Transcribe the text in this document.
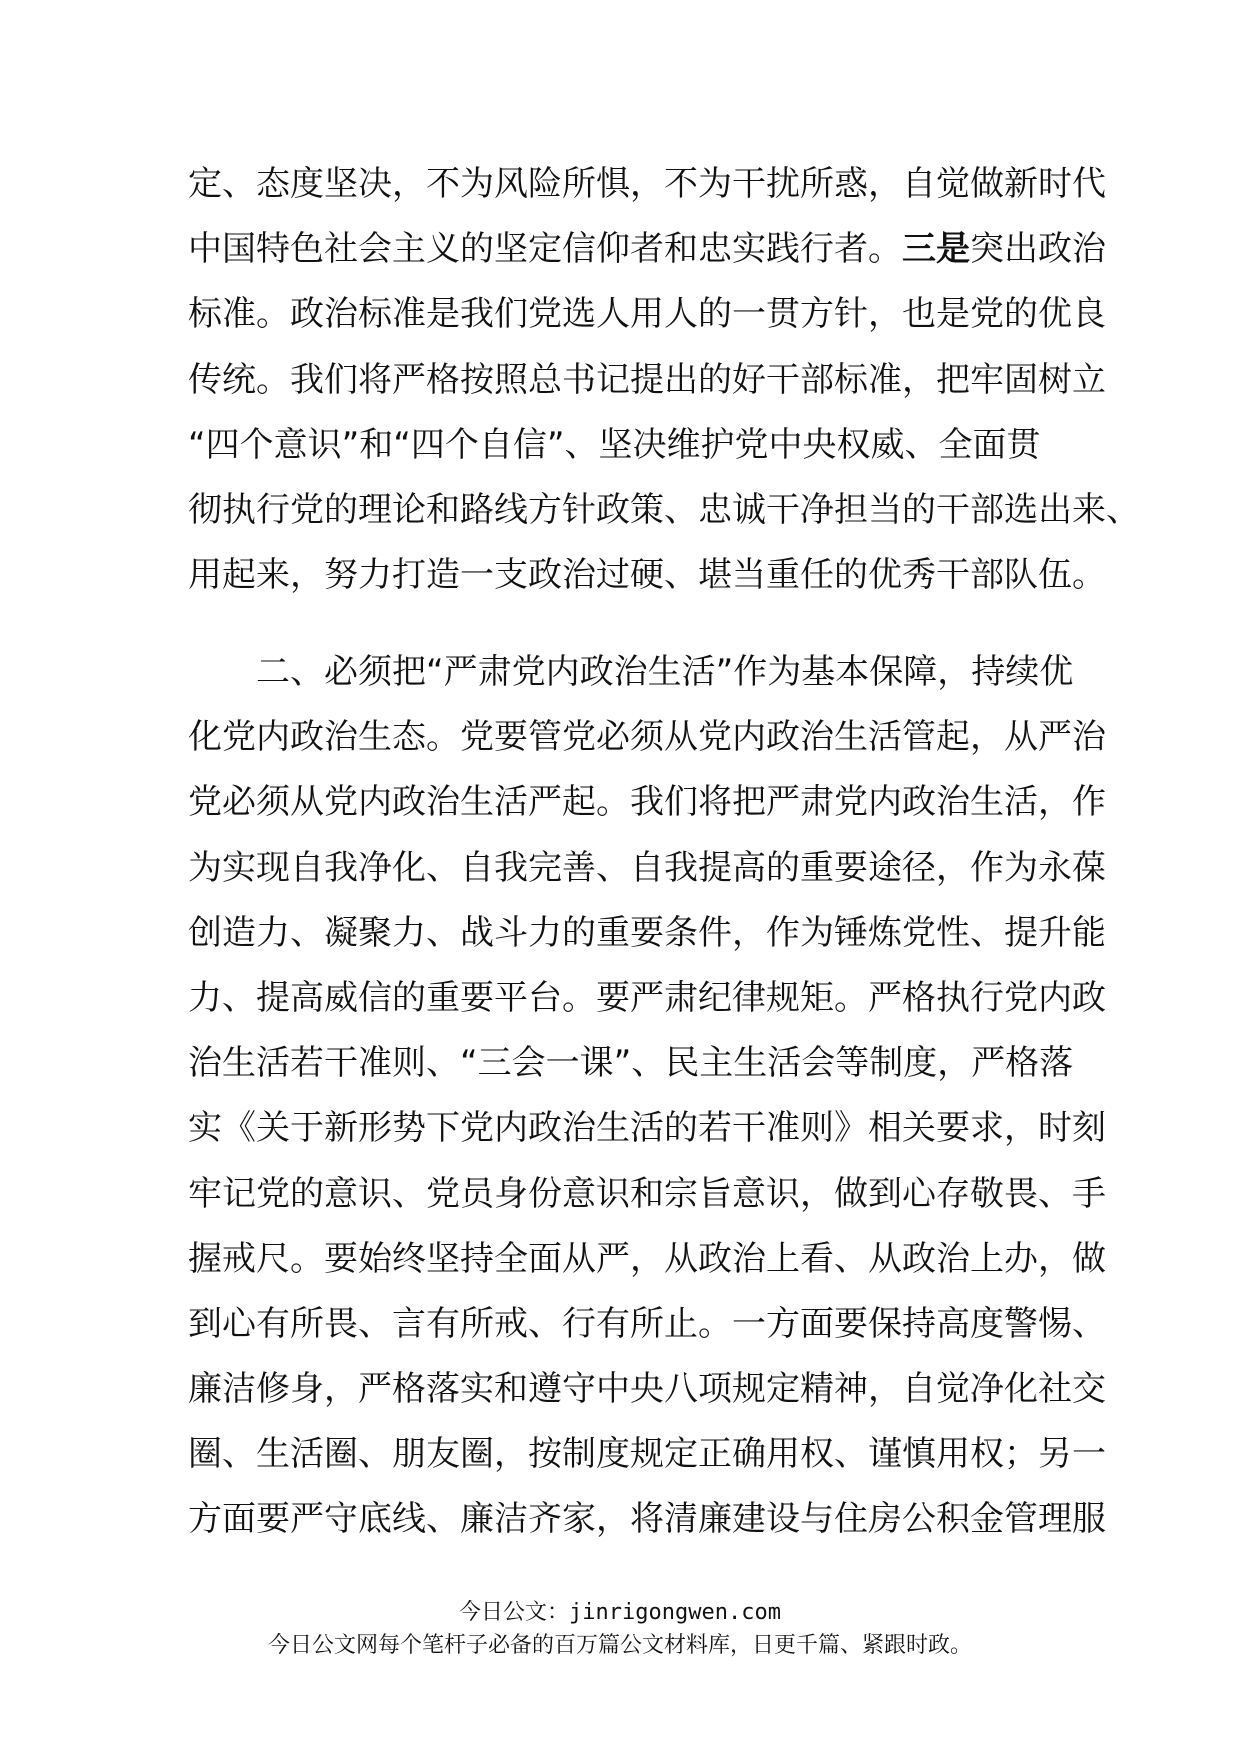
定、态度坚决，不为风险所惧，不为干扰所惑，自觉做新时代
中国特色社会主义的坚定信仰者和忠实践行者。三是突出政治
标准。政治标准是我们党选人用人的一贯方针，也是党的优良
传统。我们将严格按照总书记提出的好干部标准，把牢固树立
“四个意识”和“四个自信”、坚决维护党中央权威、全面贯
彻执行党的理论和路线方针政策、忠诚干净担当的干部选出来、
用起来，努力打造一支政治过硬、堪当重任的优秀干部队伍。
二、必须把“严肃党内政治生活”作为基本保障，持续优
化党内政治生态。党要管党必须从党内政治生活管起，从严治
党必须从党内政治生活严起。我们将把严肃党内政治生活，作
为实现自我净化、自我完善、自我提高的重要途径，作为永葆
创造力、凝聚力、战斗力的重要条件，作为锤炼党性、提升能
力、提高威信的重要平台。要严肃纪律规矩。严格执行党内政
治生活若干准则、“三会一课”、民主生活会等制度，严格落
实《关于新形势下党内政治生活的若干准则》相关要求，时刻
牢记党的意识、党员身份意识和宗旨意识，做到心存敬畏、手
握戒尺。要始终坚持全面从严，从政治上看、从政治上办，做
到心有所畏、言有所戒、行有所止。一方面要保持高度警惕、
廉洁修身，严格落实和遵守中央八项规定精神，自觉净化社交
圈、生活圈、朋友圈，按制度规定正确用权、谨慎用权；另一
方面要严守底线、廉洁齐家，将清廉建设与住房公积金管理服
今日公文：jinrigongwen.com
今日公文网每个笔杆子必备的百万篇公文材料库，日更千篇、紧跟时政。
